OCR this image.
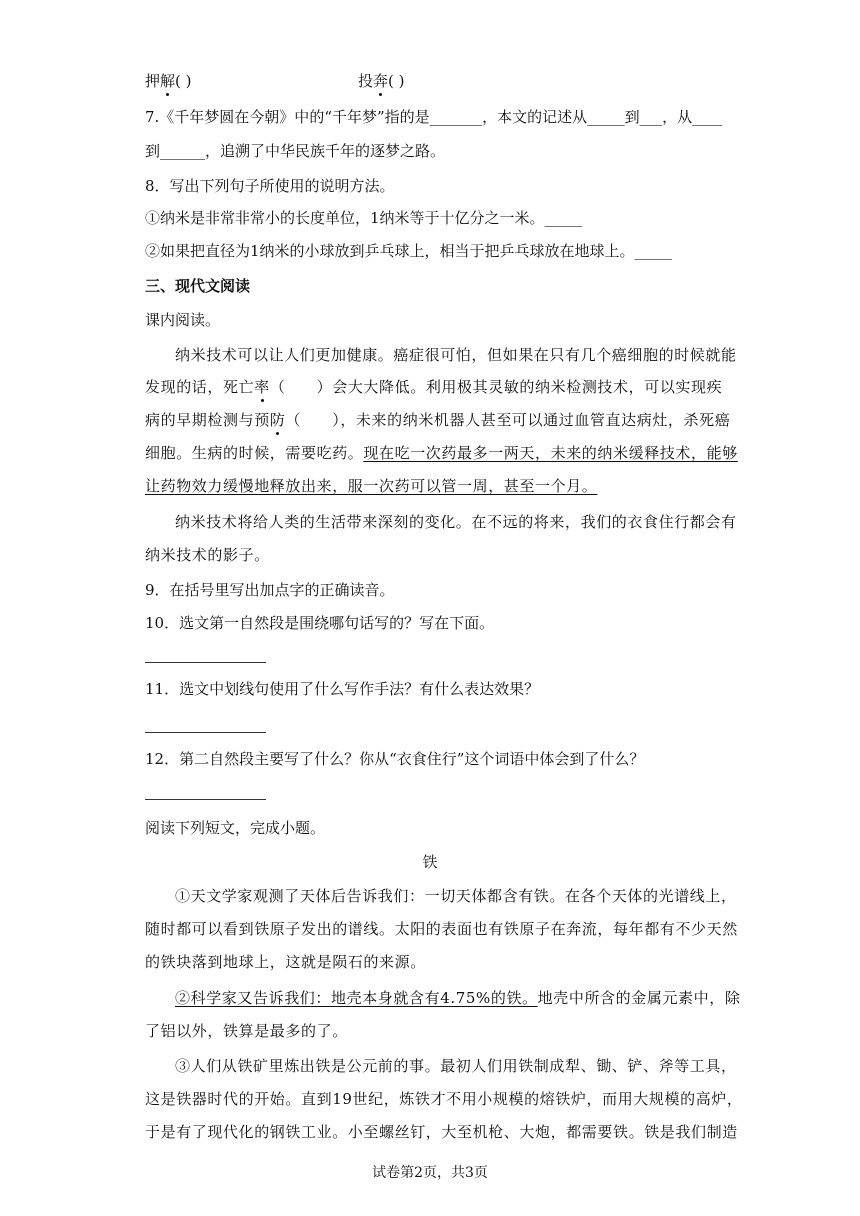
押解( )	投奔( )
7.《千年梦圆在今朝》中的“千年梦”指的是_______，本文的记述从_____到___，从____
到______，追溯了中华民族千年的逐梦之路。
8．写出下列句子所使用的说明方法。
①纳米是非常非常小的长度单位，1纳米等于十亿分之一米。_____
②如果把直径为1纳米的小球放到乒乓球上，相当于把乒乓球放在地球上。_____
三、现代文阅读
课内阅读。
纳米技术可以让人们更加健康。癌症很可怕，但如果在只有几个癌细胞的时候就能
发现的话，死亡率（　　）会大大降低。利用极其灵敏的纳米检测技术，可以实现疾
病的早期检测与预防（　　），未来的纳米机器人甚至可以通过血管直达病灶，杀死癌
细胞。生病的时候，需要吃药。现在吃一次药最多一两天，未来的纳米缓释技术，能够
让药物效力缓慢地释放出来，服一次药可以管一周，甚至一个月。
纳米技术将给人类的生活带来深刻的变化。在不远的将来，我们的衣食住行都会有
纳米技术的影子。
9．在括号里写出加点字的正确读音。
10．选文第一自然段是围绕哪句话写的？写在下面。
11．选文中划线句使用了什么写作手法？有什么表达效果？
12．第二自然段主要写了什么？你从“衣食住行”这个词语中体会到了什么？
阅读下列短文，完成小题。
铁
①天文学家观测了天体后告诉我们：一切天体都含有铁。在各个天体的光谱线上，
随时都可以看到铁原子发出的谱线。太阳的表面也有铁原子在奔流，每年都有不少天然
的铁块落到地球上，这就是陨石的来源。
②科学家又告诉我们：地壳本身就含有4.75%的铁。地壳中所含的金属元素中，除
了铝以外，铁算是最多的了。
③人们从铁矿里炼出铁是公元前的事。最初人们用铁制成犁、锄、铲、斧等工具，
这是铁器时代的开始。直到19世纪，炼铁才不用小规模的熔铁炉，而用大规模的高炉，
于是有了现代化的钢铁工业。小至螺丝钉，大至机枪、大炮，都需要铁。铁是我们制造
试卷第2页，共3页
